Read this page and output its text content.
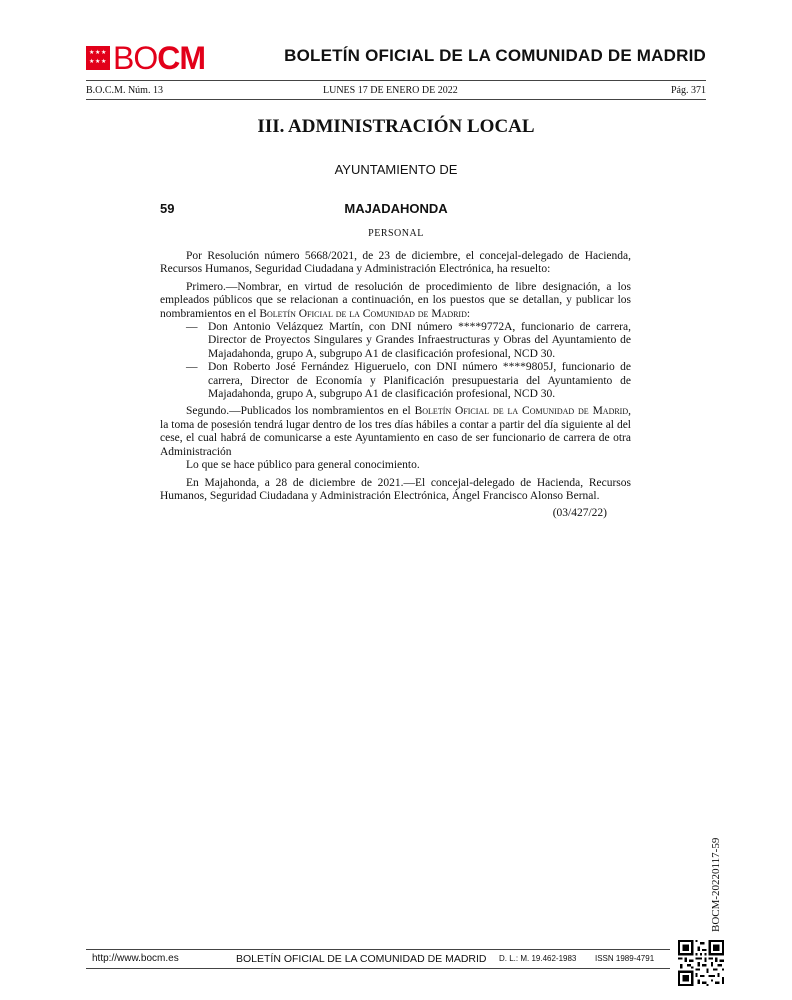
★ ★ ★
★ ★ ★ BOCM	BOLETÍN OFICIAL DE LA COMUNIDAD DE MADRID
B.O.C.M. Núm. 13	LUNES 17 DE ENERO DE 2022	Pág. 371
III. ADMINISTRACIÓN LOCAL
AYUNTAMIENTO DE
59	MAJADAHONDA
PERSONAL

Por Resolución número 5668/2021, de 23 de diciembre, el concejal-delegado de Hacienda, Recursos Humanos, Seguridad Ciudadana y Administración Electrónica, ha resuelto:

Primero.—Nombrar, en virtud de resolución de procedimiento de libre designación, a los empleados públicos que se relacionan a continuación, en los puestos que se detallan, y publicar los nombramientos en el Boletín Oficial de la Comunidad de Madrid:

— Don Antonio Velázquez Martín, con DNI número ****9772A, funcionario de carrera, Director de Proyectos Singulares y Grandes Infraestructuras y Obras del Ayuntamiento de Majadahonda, grupo A, subgrupo A1 de clasificación profesional, NCD 30.
— Don Roberto José Fernández Higueruelo, con DNI número ****9805J, funcionario de carrera, Director de Economía y Planificación presupuestaria del Ayuntamiento de Majadahonda, grupo A, subgrupo A1 de clasificación profesional, NCD 30.

Segundo.—Publicados los nombramientos en el Boletín Oficial de la Comunidad de Madrid, la toma de posesión tendrá lugar dentro de los tres días hábiles a contar a partir del día siguiente al del cese, el cual habrá de comunicarse a este Ayuntamiento en caso de ser funcionario de carrera de otra Administración

Lo que se hace público para general conocimiento.

En Majahonda, a 28 de diciembre de 2021.—El concejal-delegado de Hacienda, Recursos Humanos, Seguridad Ciudadana y Administración Electrónica, Ángel Francisco Alonso Bernal.

(03/427/22)
BOCM-20220117-59
http://www.bocm.es	BOLETÍN OFICIAL DE LA COMUNIDAD DE MADRID D. L.: M. 19.462-1983 ISSN 1989-4791
